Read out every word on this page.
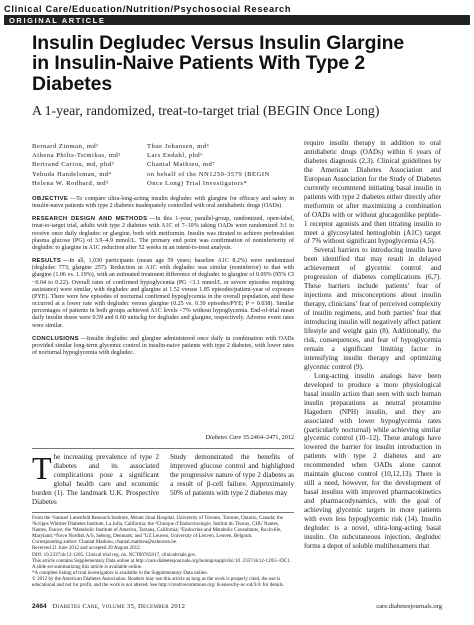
Clinical Care/Education/Nutrition/Psychosocial Research
ORIGINAL ARTICLE
Insulin Degludec Versus Insulin Glargine
in Insulin-Naive Patients With Type 2
Diabetes
A 1-year, randomized, treat-to-target trial (BEGIN Once Long)
Bernard Zinman, md¹
Athena Philis-Tsimikas, md²
Bertrand Cariou, md, phd³
Yehuda Handelsman, md⁴
Helena W. Rodbard, md⁵
Thue Johansen, md⁶
Lars Endahl, phd⁶
Chantal Mathieu, md⁷
on behalf of the NN1250-3579 (BEGIN
Once Long) Trial Investigators*

OBJECTIVE —To compare ultra-long-acting insulin degludec with glargine for efficacy and safety in insulin-naive patients with type 2 diabetes inadequately controlled with oral antidiabetic drugs (OADs).

RESEARCH DESIGN AND METHODS —In this 1-year, parallel-group, randomized, open-label, treat-to-target trial, adults with type 2 diabetes with A1C of 7–10% taking OADs were randomized 3:1 to receive once daily degludec or glargine, both with metformin. Insulin was titrated to achieve prebreakfast plasma glucose (PG) of 3.9–4.9 mmol/L. The primary end point was confirmation of noninferiority of degludec to glargine in A1C reduction after 52 weeks in an intent-to-treat analysis.

RESULTS —In all, 1,030 participants (mean age 59 years; baseline A1C 8.2%) were randomized (degludec 773; glargine 257). Reduction in A1C with degludec was similar (noninferior) to that with glargine (1.06 vs. 1.19%), with an estimated treatment difference of degludec to glargine of 0.09% (95% CI −0.04 to 0.22). Overall rates of confirmed hypoglycemia (PG <3.1 mmol/L or severe episodes requiring assistance) were similar, with degludec and glargine at 1.52 versus 1.85 episodes/patient-year of exposure (PYE). There were few episodes of nocturnal confirmed hypoglycemia in the overall population, and these occurred at a lower rate with degludec versus glargine (0.25 vs. 0.39 episodes/PYE; P = 0.038). Similar percentages of patients in both groups achieved A1C levels <7% without hypoglycemia. End-of-trial mean daily insulin doses were 0.59 and 0.60 units/kg for degludec and glargine, respectively. Adverse event rates were similar.

CONCLUSIONS —Insulin degludec and glargine administered once daily in combination with OADs provided similar long-term glycemic control in insulin-naive patients with type 2 diabetes, with lower rates of nocturnal hypoglycemia with degludec.

Diabetes Care 35:2464–2471, 2012
The increasing prevalence of type 2 diabetes and its associated complications pose a significant global health care and economic burden (1). The landmark U.K. Prospective Diabetes
Study demonstrated the benefits of improved glucose control and highlighted the progressive nature of type 2 diabetes as a result of β-cell failure. Approximately 50% of patients with type 2 diabetes may

From the ¹Samuel Lunenfeld Research Institute, Mount Sinai Hospital, University of Toronto, Toronto, Ontario, Canada; the ²Scripps Whittier Diabetes Institute, La Jolla, California; the ³Clinique d’Endocrinologie, Institut du Thorax, CHU Nantes, Nantes, France; the ⁴Metabolic Institute of America, Tarzana, California; ⁵Endocrine and Metabolic Consultants, Rockville, Maryland; ⁶Novo Nordisk A/S, Søborg, Denmark; and ⁷UZ Leuven, University of Leuven, Leuven, Belgium.

Corresponding author: Chantal Mathieu, chantal.mathieu@uzleuven.be.

Received 21 June 2012 and accepted 28 August 2012.

DOI: 10.2337/dc12-1205. Clinical trial reg. no. NCT00765817, clinicaltrials.gov.

This article contains Supplementary Data online at http://care.diabetesjournals.org/lookup/suppl/doi:10 .2337/dc12-1205/-/DC1.

A slide set summarizing this article is available online.

*A complete listing of trial investigators is available in the Supplementary Data online.

© 2012 by the American Diabetes Association. Readers may use this article as long as the work is properly cited, the use is educational and not for profit, and the work is not altered. See http://creativecommons.org/ licenses/by-nc-nd/3.0/ for details.

require insulin therapy in addition to oral antidiabetic drugs (OADs) within 6 years of diabetes diagnosis (2,3). Clinical guidelines by the American Diabetes Association and European Association for the Study of Diabetes currently recommend initiating basal insulin in patients with type 2 diabetes either directly after metformin or after maximizing a combination of OADs with or without glucagonlike peptide-1 receptor agonists and then titrating insulin to meet a glycosylated hemoglobin (A1C) target of 7% without significant hypoglycemia (4,5).

Several barriers to introducing insulin have been identified that may result in delayed achievement of glycemic control and progression of diabetes complications (6,7). These barriers include patients’ fear of injections and misconceptions about insulin therapy, clinicians’ fear of perceived complexity of insulin regimens, and both parties’ fear that introducing insulin will negatively affect patient lifestyle and weight gain (8). Additionally, the risk, consequences, and fear of hypoglycemia remain a significant limiting factor in intensifying insulin therapy and optimizing glycemic control (9).

Long-acting insulin analogs have been developed to produce a more physiological basal insulin action than seen with such human insulin preparations as neutral protamine Hagedorn (NPH) insulin, and they are associated with lower hypoglycemia rates (particularly nocturnal) while achieving similar glycemic control (10–12). These analogs have lowered the barrier for insulin introduction in patients with type 2 diabetes and are recommended when OADs alone cannot maintain glucose control (10,12,13). There is still a need, however, for the development of basal insulins with improved pharmacokinetics and pharmacodynamics, with the goal of achieving glycemic targets in more patients with even less hypoglycemic risk (14). Insulin degludec is a novel, ultra-long-acting basal insulin. On subcutaneous injection, degludec forms a depot of soluble multihexamers that

2464 Diabetes Care, volume 35, December 2012	care.diabetesjournals.org
